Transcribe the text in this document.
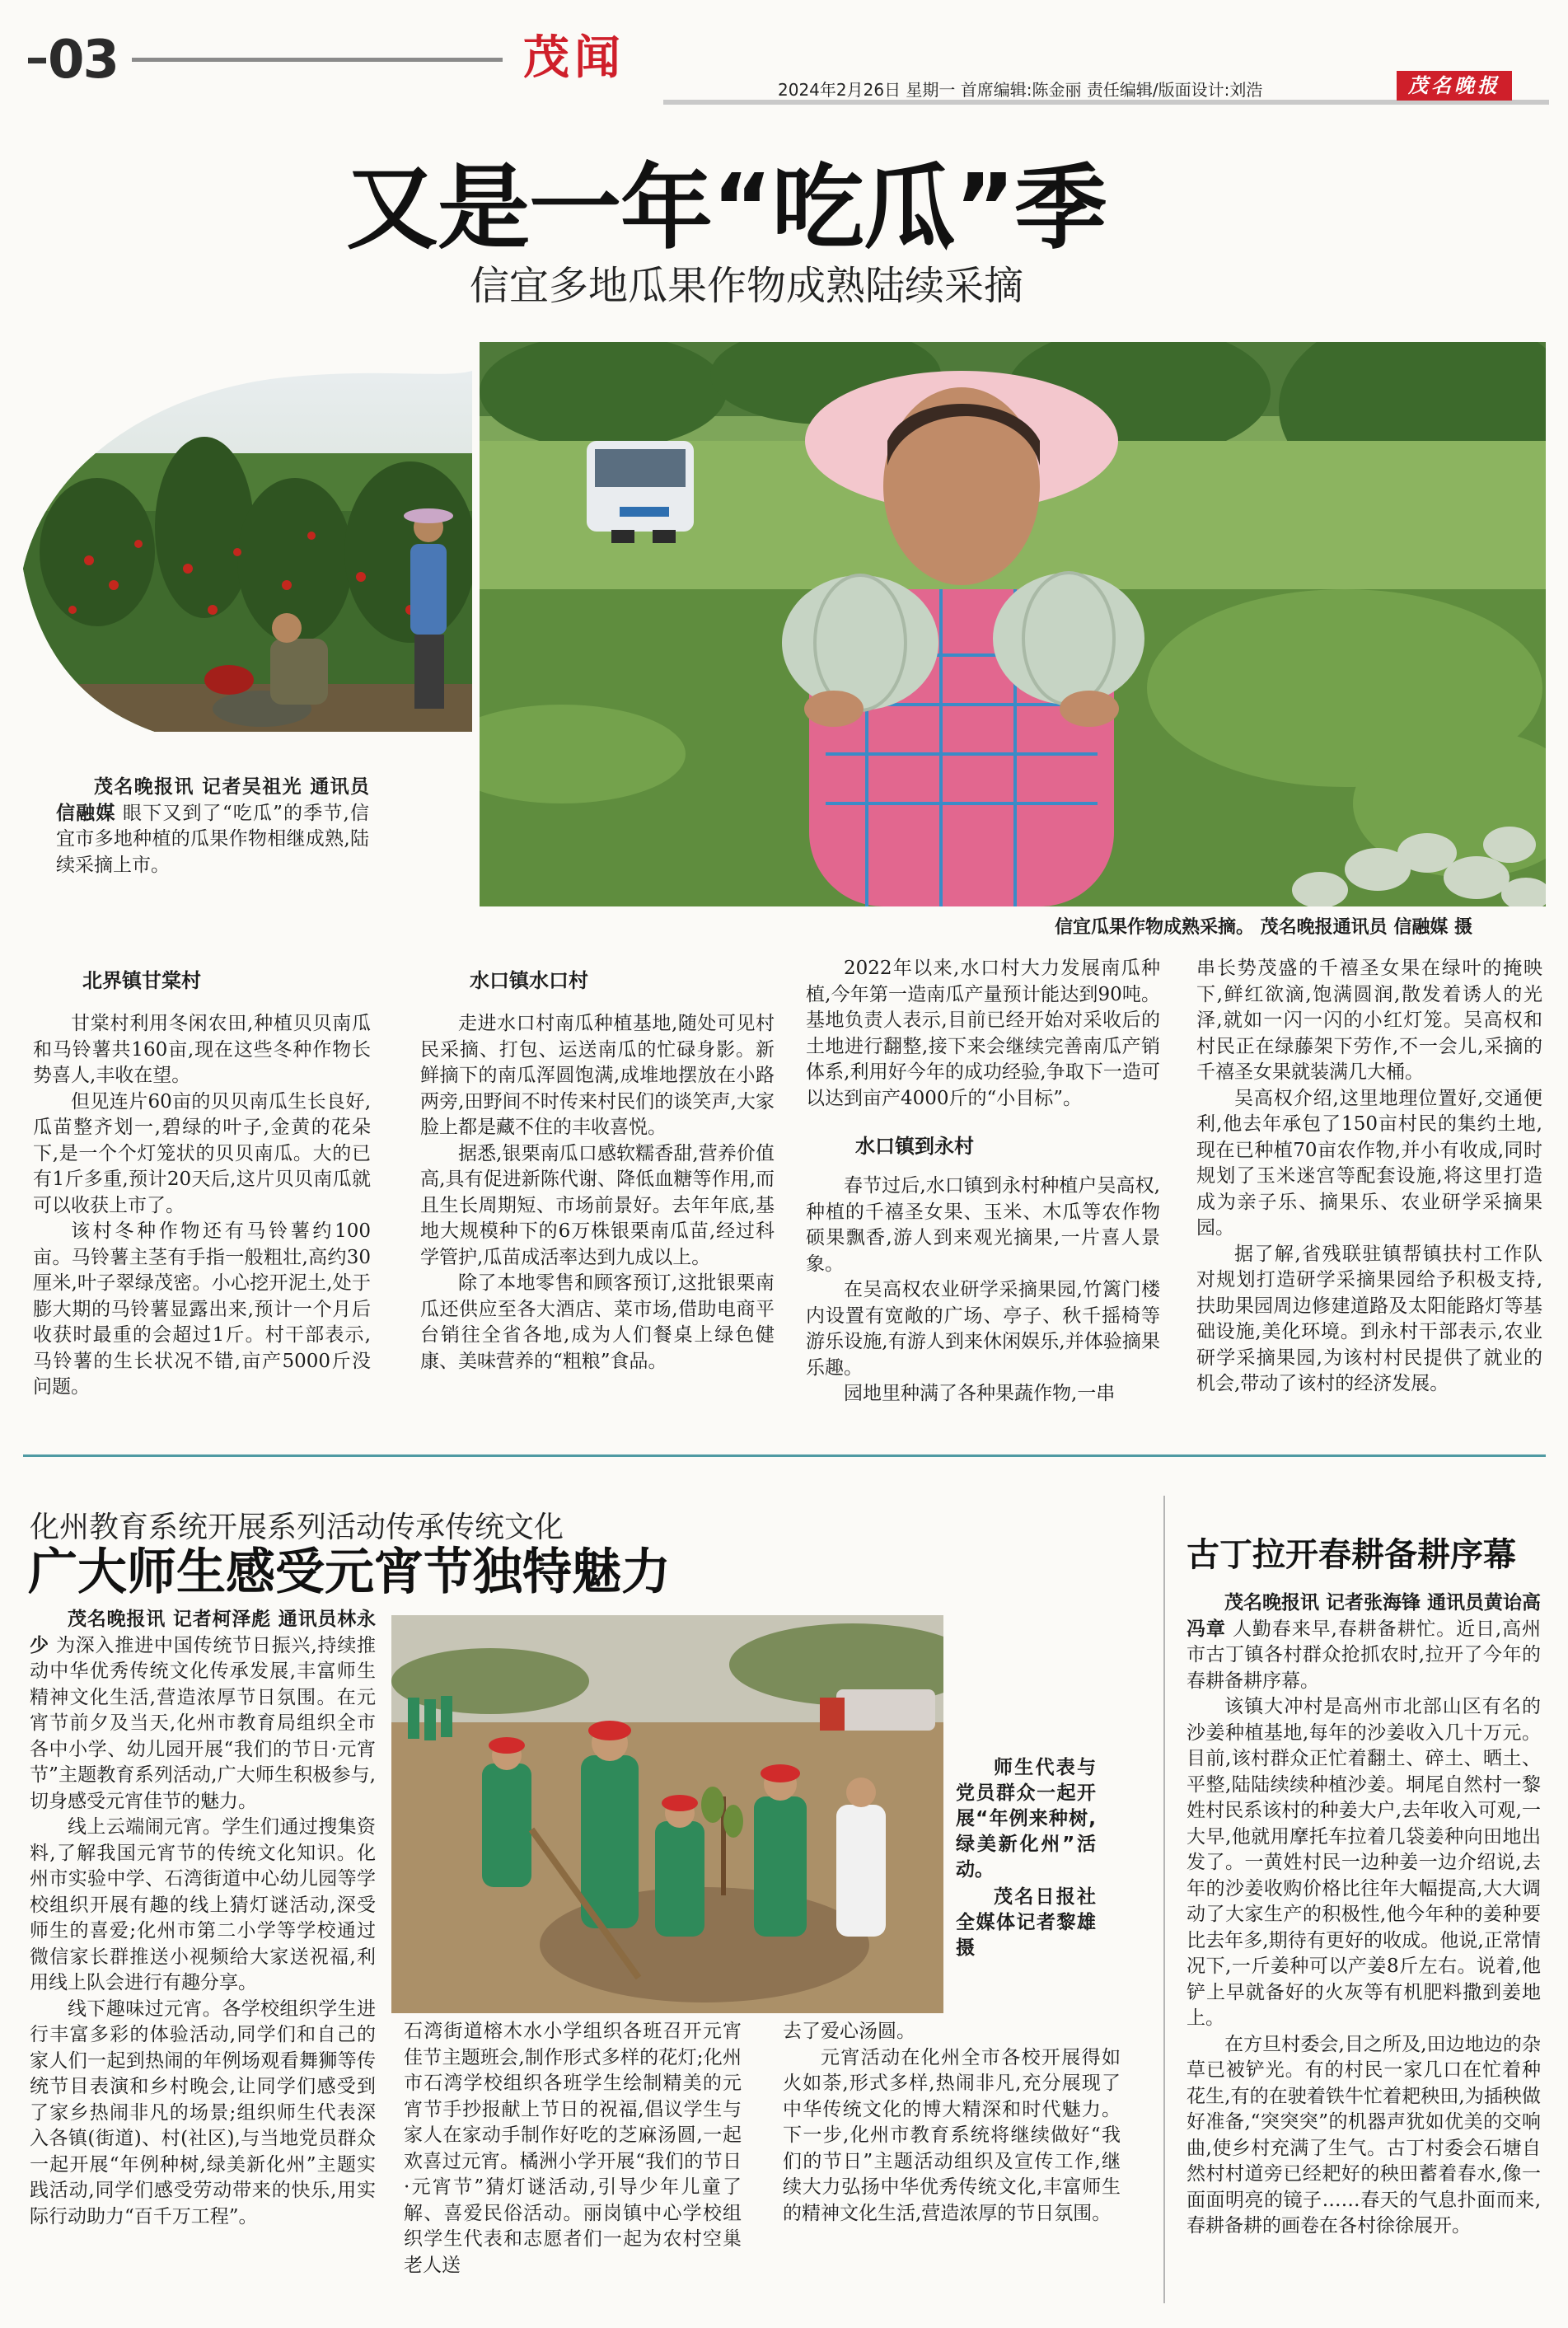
03	茂闻
2024年2月26日 星期一 首席编辑:陈金丽 责任编辑/版面设计:刘浩	茂名晚报
又是一年“吃瓜”季
信宜多地瓜果作物成熟陆续采摘
茂名晚报讯 记者吴祖光 通讯员信融媒 眼下又到了“吃瓜”的季节,信宜市多地种植的瓜果作物相继成熟,陆续采摘上市。
信宜瓜果作物成熟采摘。 茂名晚报通讯员 信融媒 摄
北界镇甘棠村

甘棠村利用冬闲农田,种植贝贝南瓜和马铃薯共160亩,现在这些冬种作物长势喜人,丰收在望。

但见连片60亩的贝贝南瓜生长良好,瓜苗整齐划一,碧绿的叶子,金黄的花朵下,是一个个灯笼状的贝贝南瓜。大的已有1斤多重,预计20天后,这片贝贝南瓜就可以收获上市了。

该村冬种作物还有马铃薯约100亩。马铃薯主茎有手指一般粗壮,高约30厘米,叶子翠绿茂密。小心挖开泥土,处于膨大期的马铃薯显露出来,预计一个月后收获时最重的会超过1斤。村干部表示,马铃薯的生长状况不错,亩产5000斤没问题。

水口镇水口村

走进水口村南瓜种植基地,随处可见村民采摘、打包、运送南瓜的忙碌身影。新鲜摘下的南瓜浑圆饱满,成堆地摆放在小路两旁,田野间不时传来村民们的谈笑声,大家脸上都是藏不住的丰收喜悦。

据悉,银栗南瓜口感软糯香甜,营养价值高,具有促进新陈代谢、降低血糖等作用,而且生长周期短、市场前景好。去年年底,基地大规模种下的6万株银栗南瓜苗,经过科学管护,瓜苗成活率达到九成以上。

除了本地零售和顾客预订,这批银栗南瓜还供应至各大酒店、菜市场,借助电商平台销往全省各地,成为人们餐桌上绿色健康、美味营养的“粗粮”食品。

2022年以来,水口村大力发展南瓜种植,今年第一造南瓜产量预计能达到90吨。基地负责人表示,目前已经开始对采收后的土地进行翻整,接下来会继续完善南瓜产销体系,利用好今年的成功经验,争取下一造可以达到亩产4000斤的“小目标”。

水口镇到永村

春节过后,水口镇到永村种植户吴高权,种植的千禧圣女果、玉米、木瓜等农作物硕果飘香,游人到来观光摘果,一片喜人景象。

在吴高权农业研学采摘果园,竹篱门楼内设置有宽敞的广场、亭子、秋千摇椅等游乐设施,有游人到来休闲娱乐,并体验摘果乐趣。

园地里种满了各种果蔬作物,一串

串长势茂盛的千禧圣女果在绿叶的掩映下,鲜红欲滴,饱满圆润,散发着诱人的光泽,就如一闪一闪的小红灯笼。吴高权和村民正在绿藤架下劳作,不一会儿,采摘的千禧圣女果就装满几大桶。

吴高权介绍,这里地理位置好,交通便利,他去年承包了150亩村民的集约土地,现在已种植70亩农作物,并小有收成,同时规划了玉米迷宫等配套设施,将这里打造成为亲子乐、摘果乐、农业研学采摘果园。

据了解,省残联驻镇帮镇扶村工作队对规划打造研学采摘果园给予积极支持,扶助果园周边修建道路及太阳能路灯等基础设施,美化环境。到永村干部表示,农业研学采摘果园,为该村村民提供了就业的机会,带动了该村的经济发展。

化州教育系统开展系列活动传承传统文化
广大师生感受元宵节独特魅力

茂名晚报讯 记者柯泽彪 通讯员林永少 为深入推进中国传统节日振兴,持续推动中华优秀传统文化传承发展,丰富师生精神文化生活,营造浓厚节日氛围。在元宵节前夕及当天,化州市教育局组织全市各中小学、幼儿园开展“我们的节日·元宵节”主题教育系列活动,广大师生积极参与,切身感受元宵佳节的魅力。

线上云端闹元宵。学生们通过搜集资料,了解我国元宵节的传统文化知识。化州市实验中学、石湾街道中心幼儿园等学校组织开展有趣的线上猜灯谜活动,深受师生的喜爱;化州市第二小学等学校通过微信家长群推送小视频给大家送祝福,利用线上队会进行有趣分享。

线下趣味过元宵。各学校组织学生进行丰富多彩的体验活动,同学们和自己的家人们一起到热闹的年例场观看舞狮等传统节目表演和乡村晚会,让同学们感受到了家乡热闹非凡的场景;组织师生代表深入各镇(街道)、村(社区),与当地党员群众一起开展“年例种树,绿美新化州”主题实践活动,同学们感受劳动带来的快乐,用实际行动助力“百千万工程”。

师生代表与党员群众一起开展“年例来种树,绿美新化州”活动。
茂名日报社全媒体记者黎雄 摄

石湾街道榕木水小学组织各班召开元宵佳节主题班会,制作形式多样的花灯;化州市石湾学校组织各班学生绘制精美的元宵节手抄报献上节日的祝福,倡议学生与家人在家动手制作好吃的芝麻汤圆,一起欢喜过元宵。橘洲小学开展“我们的节日·元宵节”猜灯谜活动,引导少年儿童了解、喜爱民俗活动。丽岗镇中心学校组织学生代表和志愿者们一起为农村空巢老人送

去了爱心汤圆。

元宵活动在化州全市各校开展得如火如荼,形式多样,热闹非凡,充分展现了中华传统文化的博大精深和时代魅力。下一步,化州市教育系统将继续做好“我们的节日”主题活动组织及宣传工作,继续大力弘扬中华优秀传统文化,丰富师生的精神文化生活,营造浓厚的节日氛围。

古丁拉开春耕备耕序幕

茂名晚报讯 记者张海锋 通讯员黄诒高 冯章 人勤春来早,春耕备耕忙。近日,高州市古丁镇各村群众抢抓农时,拉开了今年的春耕备耕序幕。

该镇大冲村是高州市北部山区有名的沙姜种植基地,每年的沙姜收入几十万元。目前,该村群众正忙着翻土、碎土、晒土、平整,陆陆续续种植沙姜。垌尾自然村一黎姓村民系该村的种姜大户,去年收入可观,一大早,他就用摩托车拉着几袋姜种向田地出发了。一黄姓村民一边种姜一边介绍说,去年的沙姜收购价格比往年大幅提高,大大调动了大家生产的积极性,他今年种的姜种要比去年多,期待有更好的收成。他说,正常情况下,一斤姜种可以产姜8斤左右。说着,他铲上早就备好的火灰等有机肥料撒到姜地上。

在方旦村委会,目之所及,田边地边的杂草已被铲光。有的村民一家几口在忙着种花生,有的在驶着铁牛忙着耙秧田,为插秧做好准备,“突突突”的机器声犹如优美的交响曲,使乡村充满了生气。古丁村委会石塘自然村村道旁已经耙好的秧田蓄着春水,像一面面明亮的镜子……春天的气息扑面而来,春耕备耕的画卷在各村徐徐展开。
